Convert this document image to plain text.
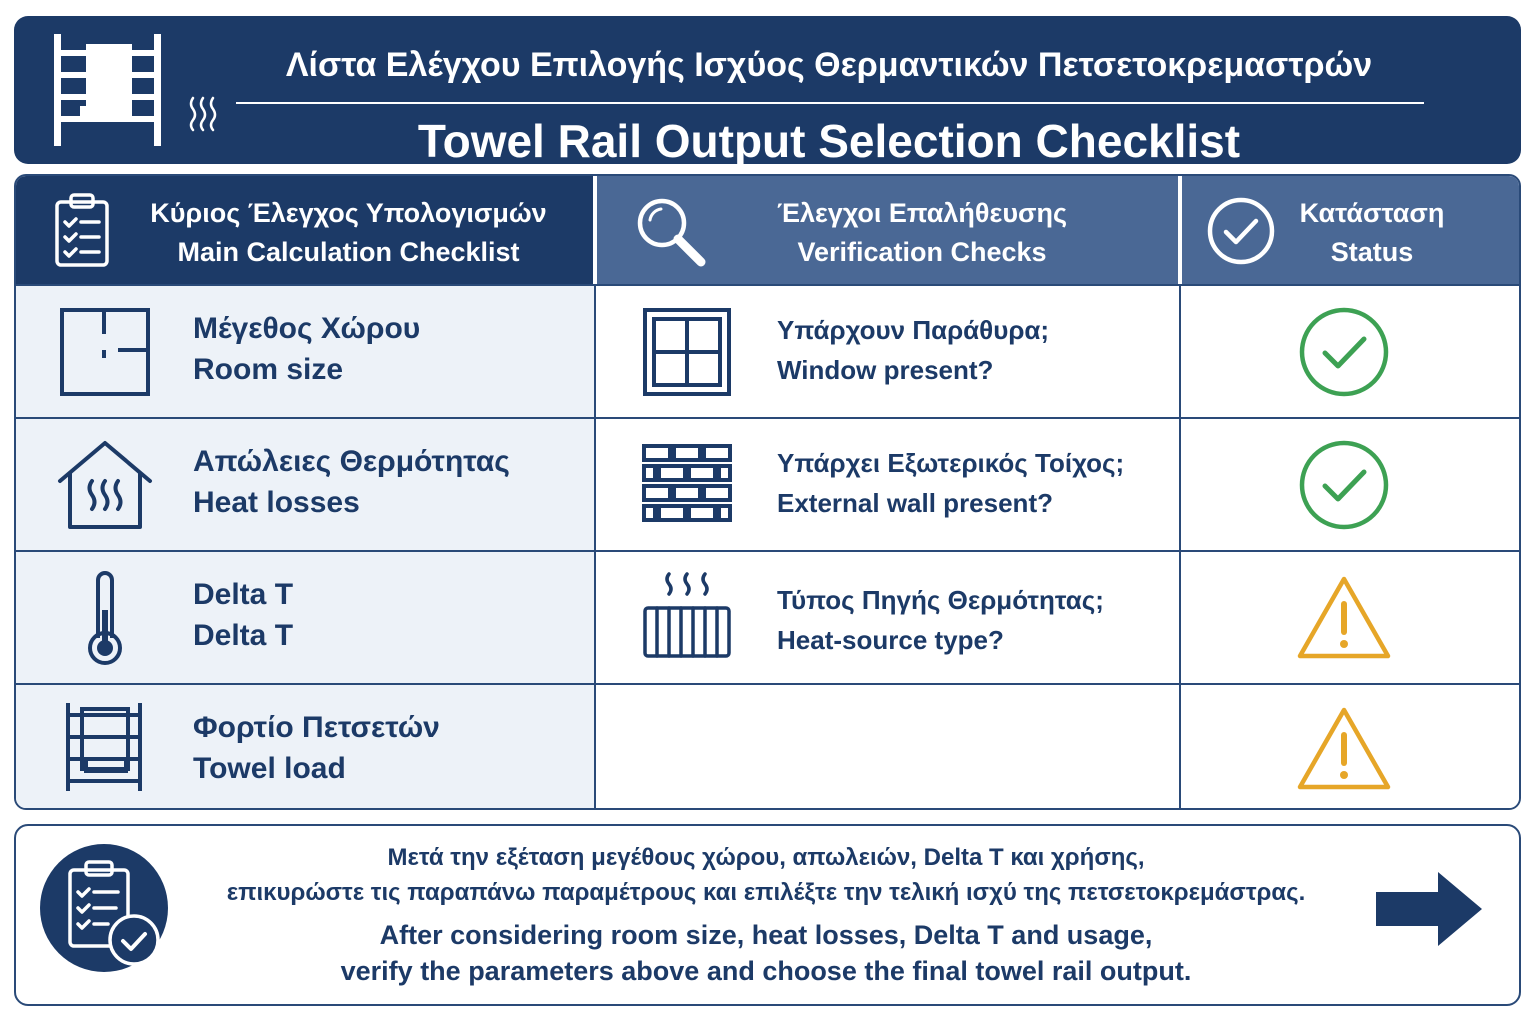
Λίστα Ελέγχου Επιλογής Ισχύος Θερμαντικών Πετσετοκρεμαστρών
Towel Rail Output Selection Checklist
Κύριος Έλεγχος Υπολογισμών
Main Calculation Checklist
Έλεγχοι Επαλήθευσης
Verification Checks
Κατάσταση
Status
Μέγεθος Χώρου
Room size
Υπάρχουν Παράθυρα;
Window present?
Απώλειες Θερμότητας
Heat losses
Υπάρχει Εξωτερικός Τοίχος;
External wall present?
Delta T
Delta T
Τύπος Πηγής Θερμότητας;
Heat-source type?
Φορτίο Πετσετών
Towel load
Μετά την εξέταση μεγέθους χώρου, απωλειών, Delta T και χρήσης,
επικυρώστε τις παραπάνω παραμέτρους και επιλέξτε την τελική ισχύ της πετσετοκρεμάστρας.
After considering room size, heat losses, Delta T and usage,
verify the parameters above and choose the final towel rail output.
